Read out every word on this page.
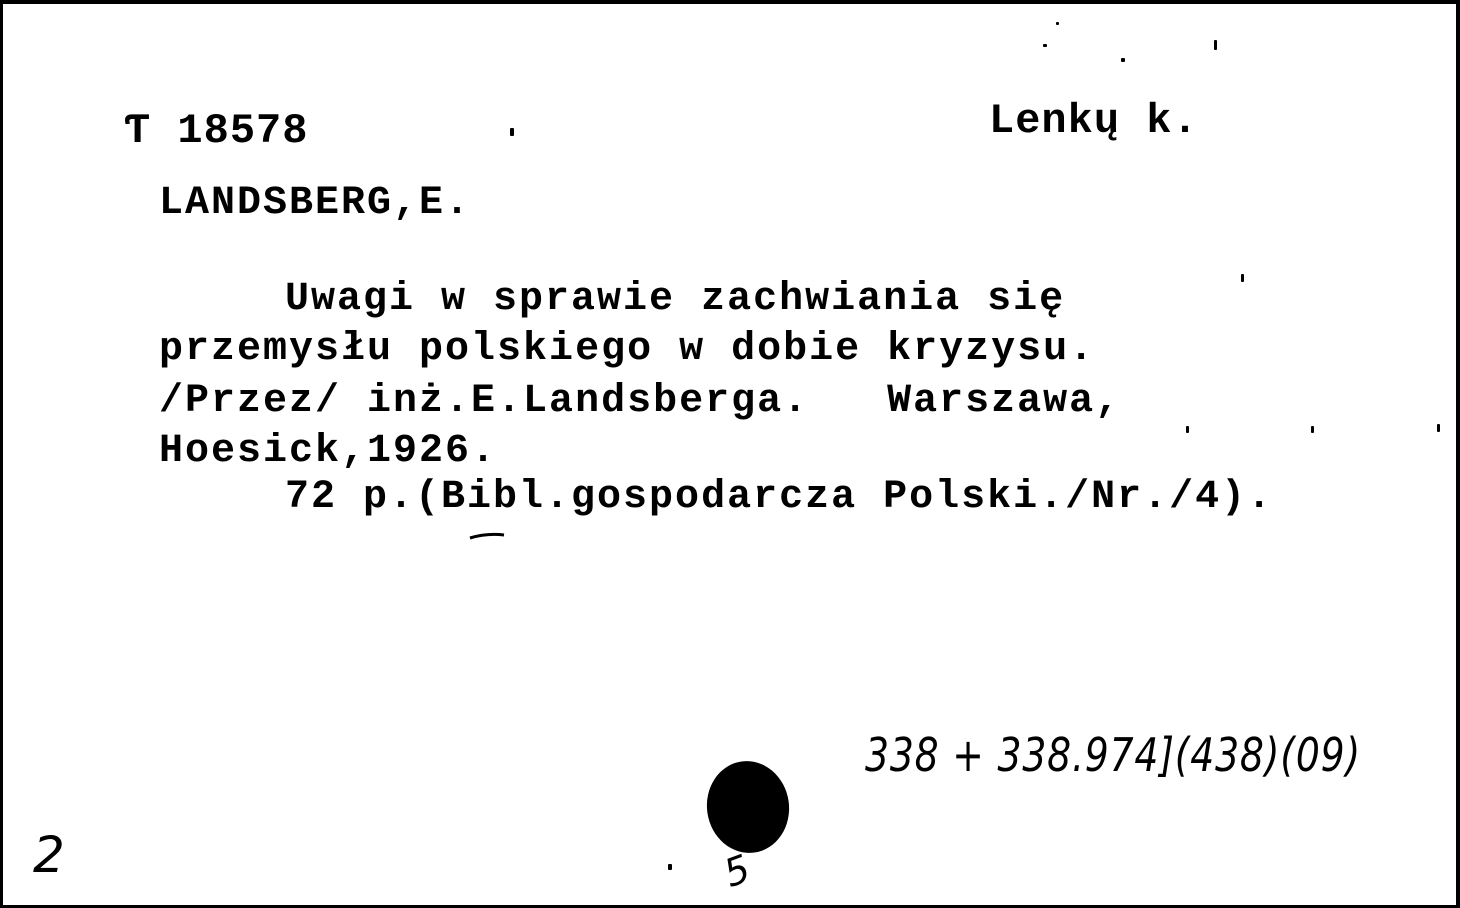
Ƭ 18578	Lenkų k.
LANDSBERG,E.
Uwagi w sprawie zachwiania się
przemysłu polskiego w dobie kryzysu.
/Przez/ inż.E.Landsberga.   Warszawa,
Hoesick,1926.
72 p.(Bibl.gospodarcza Polski./Nr./4).
338 + 338.974](438)(09)
2	5
